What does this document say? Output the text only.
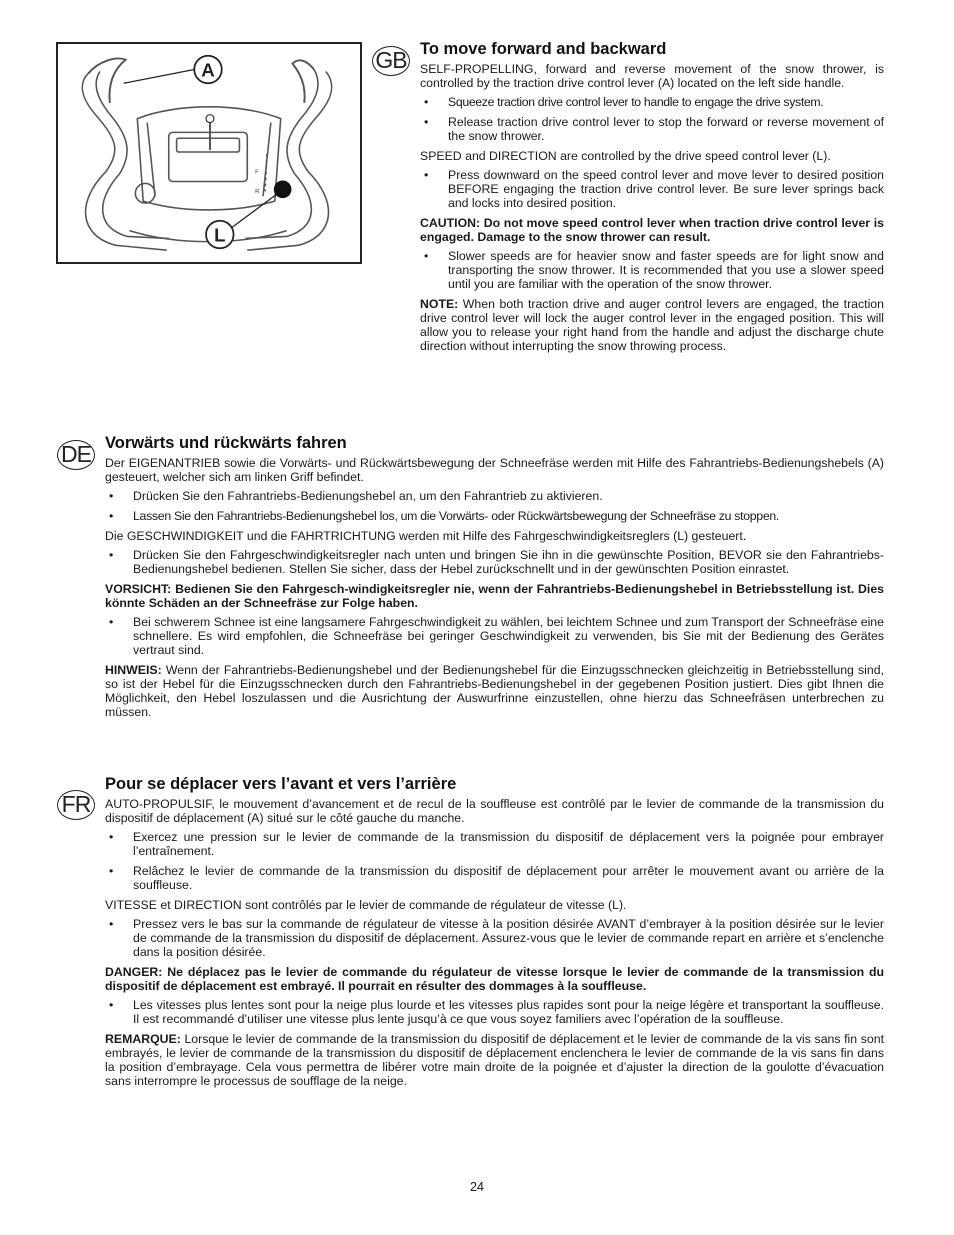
F
R
A
L
GB To move forward and backward

SELF-PROPELLING, forward and reverse movement of the snow thrower, is controlled by the traction drive control lever (A) located on the left side handle.

• Squeeze traction drive control lever to handle to engage the drive system.
• Release traction drive control lever to stop the forward or reverse movement of the snow thrower.

SPEED and DIRECTION are controlled by the drive speed control lever (L).

• Press downward on the speed control lever and move lever to desired position BEFORE engaging the traction drive control lever. Be sure lever springs back and locks into desired position.

CAUTION: Do not move speed control lever when traction drive control lever is engaged. Damage to the snow thrower can result.

• Slower speeds are for heavier snow and faster speeds are for light snow and transporting the snow thrower. It is recommended that you use a slower speed until you are familiar with the operation of the snow thrower.

NOTE: When both traction drive and auger control levers are engaged, the traction drive control lever will lock the auger control lever in the engaged position. This will allow you to release your right hand from the handle and adjust the discharge chute direction without interrupting the snow throwing process.

DE Vorwärts und rückwärts fahren

Der EIGENANTRIEB sowie die Vorwärts- und Rückwärtsbewegung der Schneefräse werden mit Hilfe des Fahrantriebs-Bedienungshebels (A) gesteuert, welcher sich am linken Griff befindet.

• Drücken Sie den Fahrantriebs-Bedienungshebel an, um den Fahrantrieb zu aktivieren.
• Lassen Sie den Fahrantriebs-Bedienungshebel los, um die Vorwärts- oder Rückwärtsbewegung der Schneefräse zu stoppen.

Die GESCHWINDIGKEIT und die FAHRTRICHTUNG werden mit Hilfe des Fahrgeschwindigkeitsreglers (L) gesteuert.

• Drücken Sie den Fahrgeschwindigkeitsregler nach unten und bringen Sie ihn in die gewünschte Position, BEVOR sie den Fahrantriebs-Bedienungshebel bedienen. Stellen Sie sicher, dass der Hebel zurückschnellt und in der gewünschten Position einrastet.

VORSICHT: Bedienen Sie den Fahrgesch-windigkeitsregler nie, wenn der Fahrantriebs-Bedienungshebel in Betriebsstellung ist. Dies könnte Schäden an der Schneefräse zur Folge haben.

• Bei schwerem Schnee ist eine langsamere Fahrgeschwindigkeit zu wählen, bei leichtem Schnee und zum Transport der Schneefräse eine schnellere. Es wird empfohlen, die Schneefräse bei geringer Geschwindigkeit zu verwenden, bis Sie mit der Bedienung des Gerätes vertraut sind.

HINWEIS: Wenn der Fahrantriebs-Bedienungshebel und der Bedienungshebel für die Einzugsschnecken gleichzeitig in Betriebsstellung sind, so ist der Hebel für die Einzugsschnecken durch den Fahrantriebs-Bedienungshebel in der gegebenen Position justiert. Dies gibt Ihnen die Möglichkeit, den Hebel loszulassen und die Ausrichtung der Auswurfrinne einzustellen, ohne hierzu das Schneefräsen unterbrechen zu müssen.

FR
Pour se déplacer vers l’avant et vers l’arrière

AUTO-PROPULSIF, le mouvement d’avancement et de recul de la souffleuse est contrôlé par le levier de commande de la transmission du dispositif de déplacement (A) situé sur le côté gauche du manche.

• Exercez une pression sur le levier de commande de la transmission du dispositif de déplacement vers la poignée pour embrayer l’entraînement.
• Relâchez le levier de commande de la transmission du dispositif de déplacement pour arrêter le mouvement avant ou arrière de la souffleuse.

VITESSE et DIRECTION sont contrôlés par le levier de commande de régulateur de vitesse (L).

• Pressez vers le bas sur la commande de régulateur de vitesse à la position désirée AVANT d’embrayer à la position désirée sur le levier de commande de la transmission du dispositif de déplacement. Assurez-vous que le levier de commande repart en arrière et s’enclenche dans la position désirée.

DANGER: Ne déplacez pas le levier de commande du régulateur de vitesse lorsque le levier de commande de la transmission du dispositif de déplacement est embrayé. Il pourrait en résulter des dommages à la souffleuse.

• Les vitesses plus lentes sont pour la neige plus lourde et les vitesses plus rapides sont pour la neige légère et transportant la souffleuse. Il est recommandé d’utiliser une vitesse plus lente jusqu’à ce que vous soyez familiers avec l’opération de la souffleuse.

REMARQUE: Lorsque le levier de commande de la transmission du dispositif de déplacement et le levier de commande de la vis sans fin sont embrayés, le levier de commande de la transmission du dispositif de déplacement enclenchera le levier de commande de la vis sans fin dans la position d’embrayage. Cela vous permettra de libérer votre main droite de la poignée et d’ajuster la direction de la goulotte d’évacuation sans interrompre le processus de soufflage de la neige.

24
